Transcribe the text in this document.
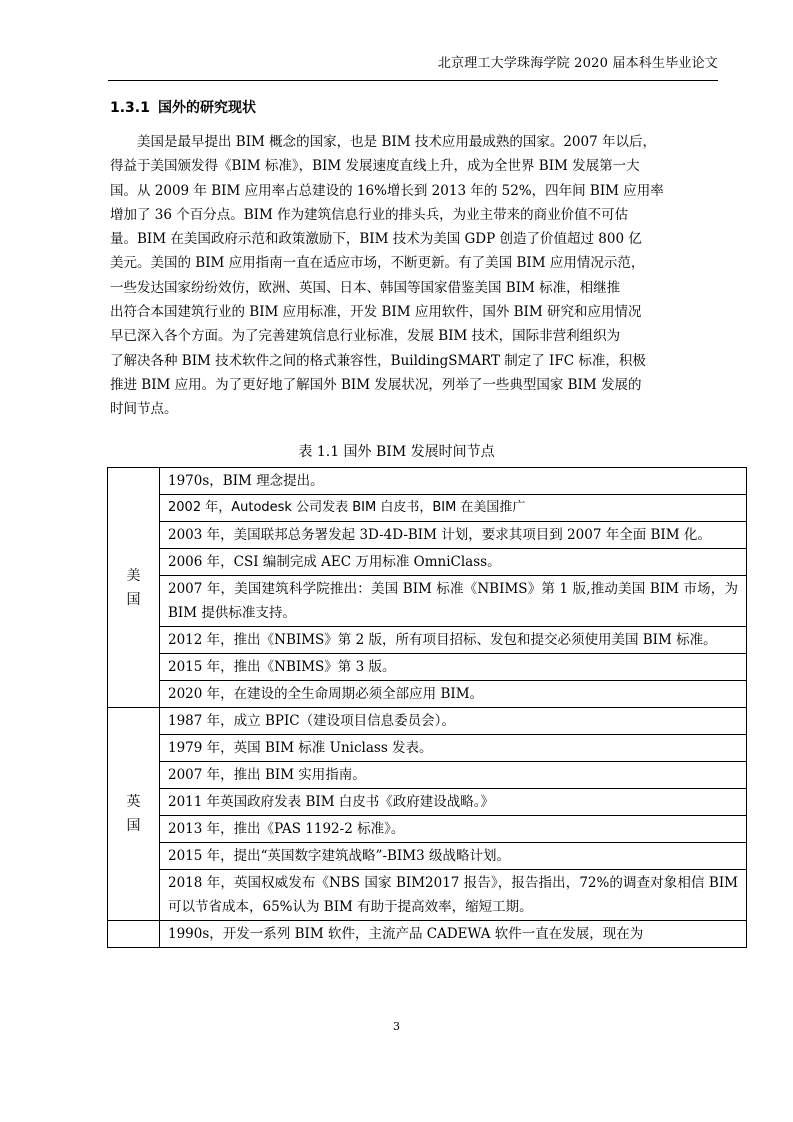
北京理工大学珠海学院 2020 届本科生毕业论文
1.3.1 国外的研究现状
　　美国是最早提出 BIM 概念的国家，也是 BIM 技术应用最成熟的国家。2007 年以后，
得益于美国颁发得《BIM 标准》，BIM 发展速度直线上升，成为全世界 BIM 发展第一大
国。从 2009 年 BIM 应用率占总建设的 16%增长到 2013 年的 52%，四年间 BIM 应用率
增加了 36 个百分点。BIM 作为建筑信息行业的排头兵，为业主带来的商业价值不可估
量。BIM 在美国政府示范和政策激励下，BIM 技术为美国 GDP 创造了价值超过 800 亿
美元。美国的 BIM 应用指南一直在适应市场，不断更新。有了美国 BIM 应用情况示范，
一些发达国家纷纷效仿，欧洲、英国、日本、韩国等国家借鉴美国 BIM 标准，相继推
出符合本国建筑行业的 BIM 应用标准，开发 BIM 应用软件，国外 BIM 研究和应用情况
早已深入各个方面。为了完善建筑信息行业标准，发展 BIM 技术，国际非营利组织为
了解决各种 BIM 技术软件之间的格式兼容性，BuildingSMART 制定了 IFC 标准，积极
推进 BIM 应用。为了更好地了解国外 BIM 发展状况，列举了一些典型国家 BIM 发展的
时间节点。
表 1.1 国外 BIM 发展时间节点
美
国	1970s，BIM 理念提出。
	2002 年，Autodesk 公司发表 BIM 白皮书，BIM 在美国推广
	2003 年，美国联邦总务署发起 3D-4D-BIM 计划，要求其项目到 2007 年全面 BIM 化。
	2006 年，CSI 编制完成 AEC 万用标准 OmniClass。
	2007 年，美国建筑科学院推出：美国 BIM 标准《NBIMS》第 1 版,推动美国 BIM 市场，为 BIM 提供标准支持。
	2012 年，推出《NBIMS》第 2 版，所有项目招标、发包和提交必须使用美国 BIM 标准。
	2015 年，推出《NBIMS》第 3 版。
	2020 年，在建设的全生命周期必须全部应用 BIM。

英
国	1987 年，成立 BPIC（建设项目信息委员会）。
	1979 年，英国 BIM 标准 Uniclass 发表。
	2007 年，推出 BIM 实用指南。
	2011 年英国政府发表 BIM 白皮书《政府建设战略。》
	2013 年，推出《PAS 1192-2 标准》。
	2015 年，提出“英国数字建筑战略”-BIM3 级战略计划。
	2018 年，英国权威发布《NBS 国家 BIM2017 报告》，报告指出，72%的调查对象相信 BIM 可以节省成本，65%认为 BIM 有助于提高效率，缩短工期。
	1990s，开发一系列 BIM 软件，主流产品 CADEWA 软件一直在发展，现在为
3
